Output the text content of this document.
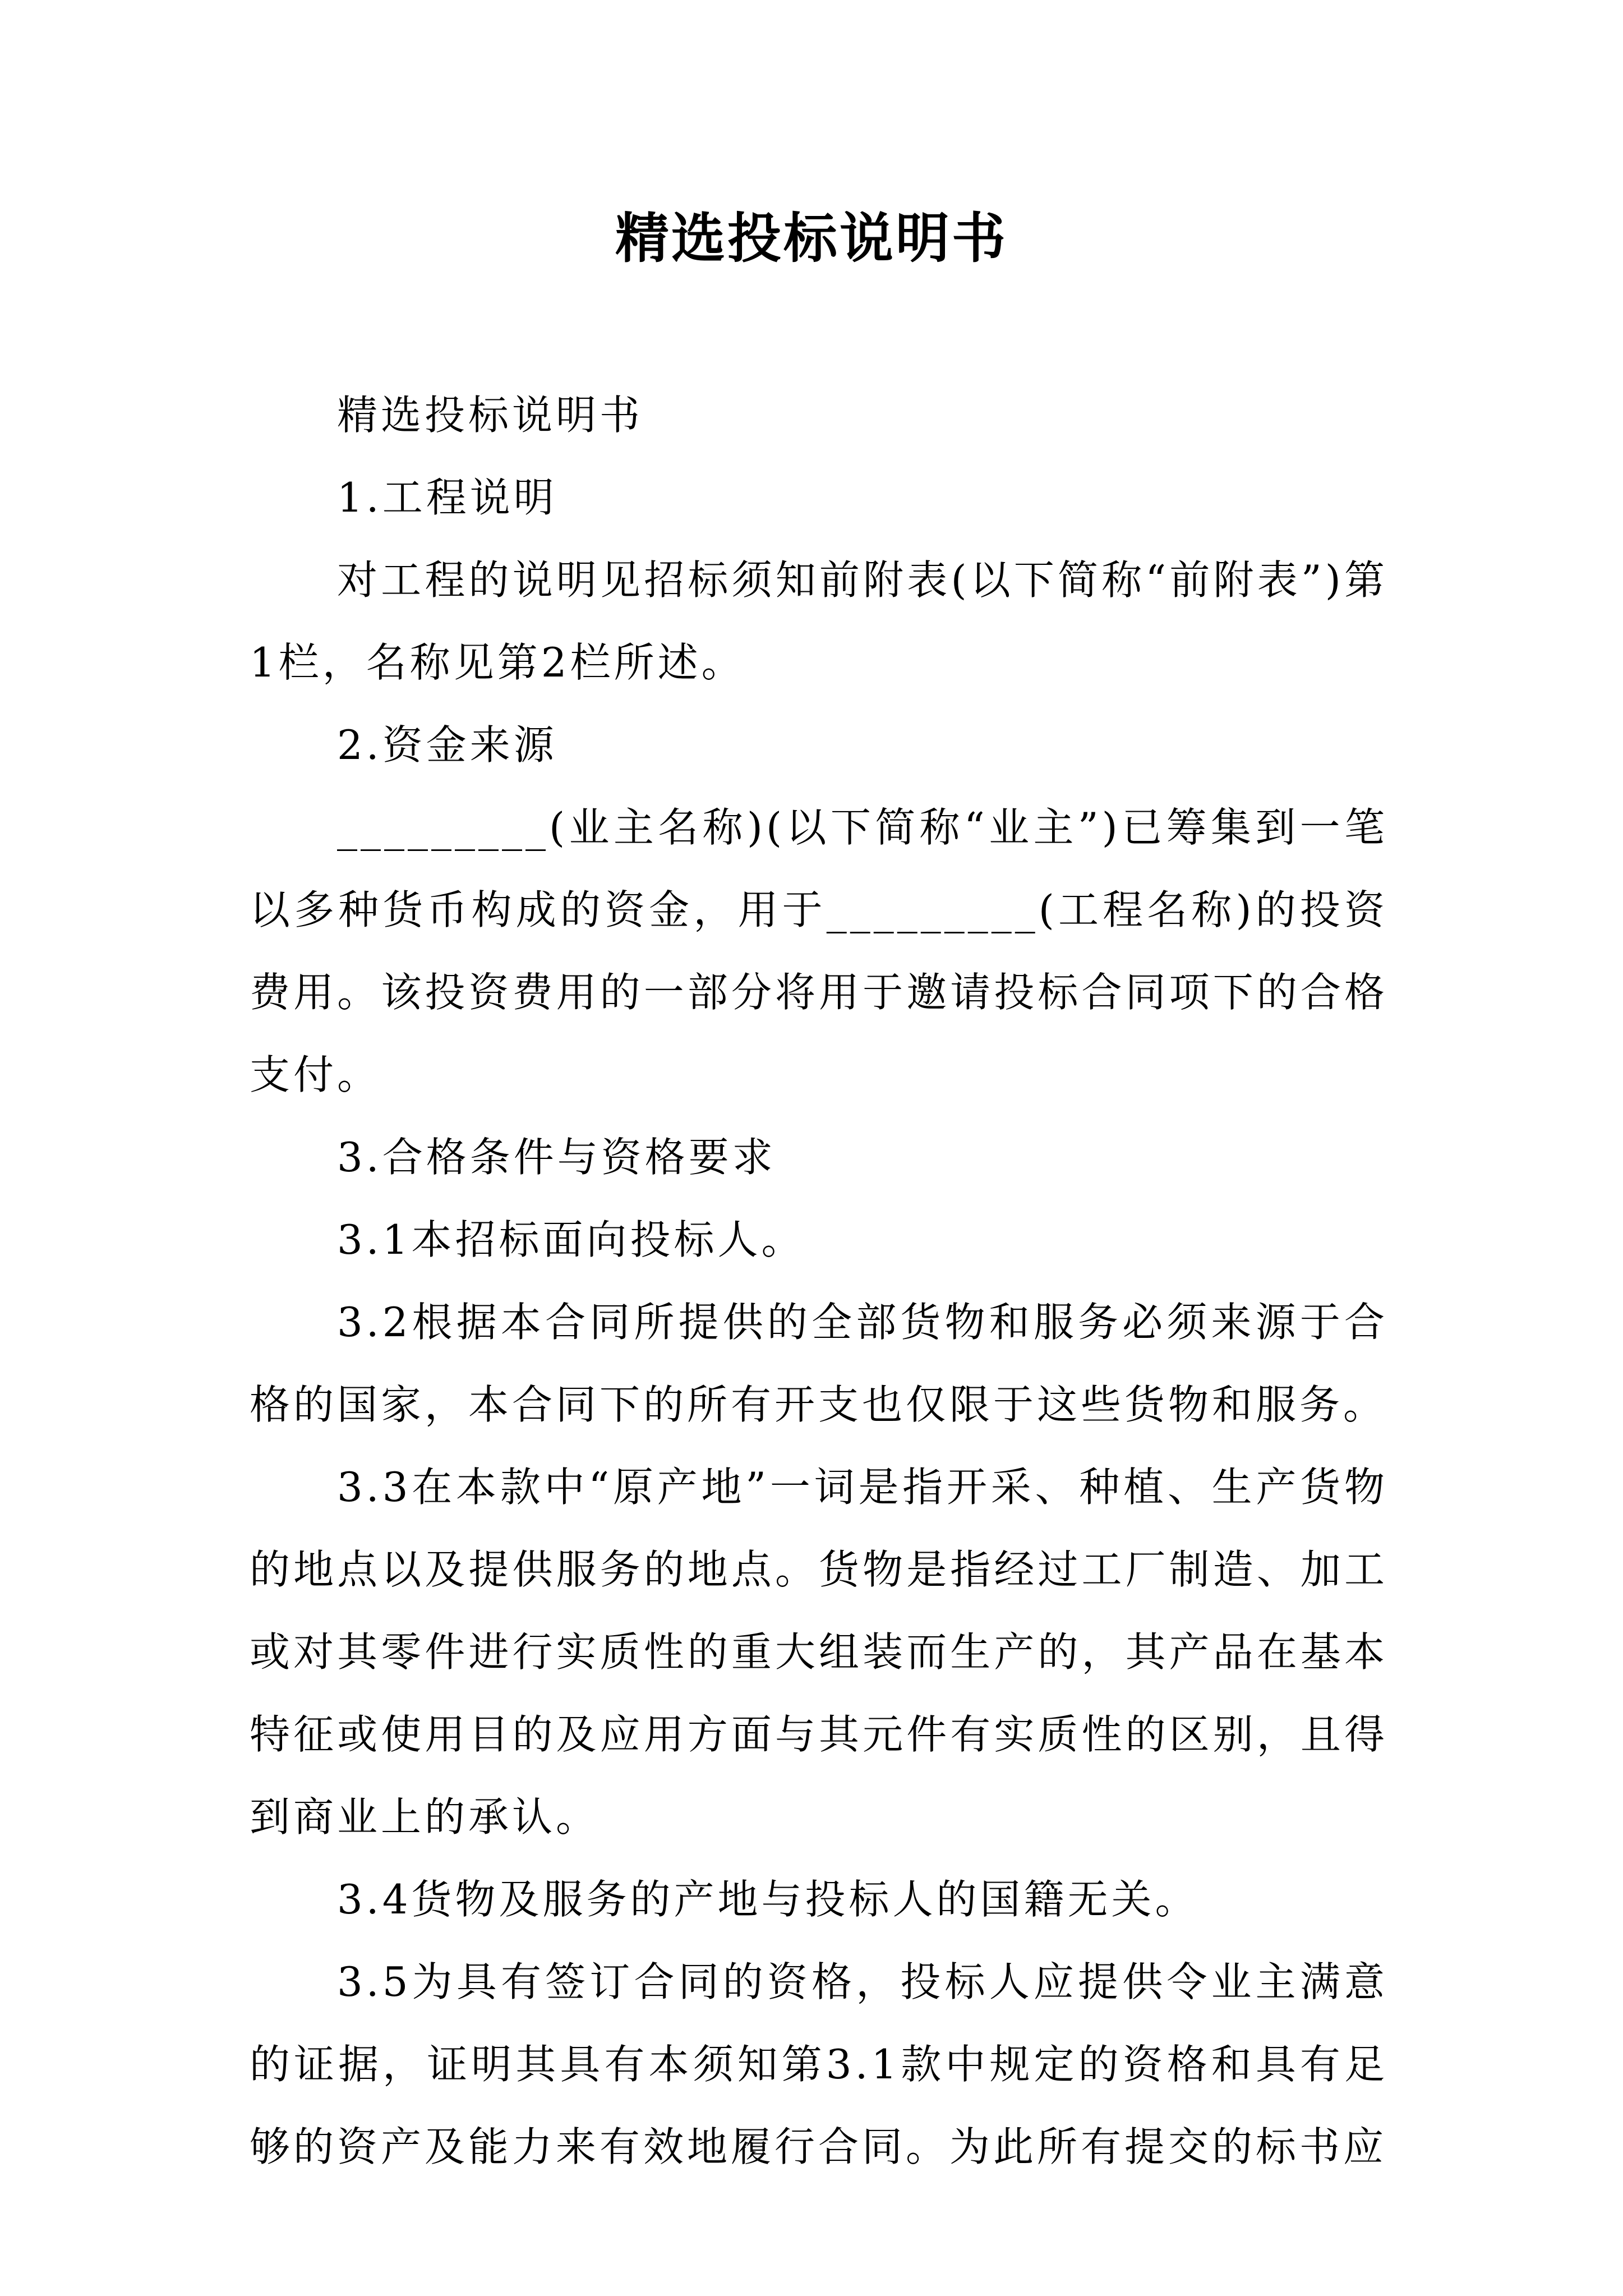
精选投标说明书

精选投标说明书

1.工程说明

对工程的说明见招标须知前附表(以下简称“前附表”)第1栏，名称见第2栏所述。

2.资金来源

_________(业主名称)(以下简称“业主”)已筹集到一笔以多种货币构成的资金，用于_________(工程名称)的投资费用。该投资费用的一部分将用于邀请投标合同项下的合格支付。

3.合格条件与资格要求

3.1本招标面向投标人。

3.2根据本合同所提供的全部货物和服务必须来源于合格的国家，本合同下的所有开支也仅限于这些货物和服务。

3.3在本款中“原产地”一词是指开采、种植、生产货物的地点以及提供服务的地点。货物是指经过工厂制造、加工或对其零件进行实质性的重大组装而生产的，其产品在基本特征或使用目的及应用方面与其元件有实质性的区别，且得到商业上的承认。

3.4货物及服务的产地与投标人的国籍无关。

3.5为具有签订合同的资格，投标人应提供令业主满意的证据，证明其具有本须知第3.1款中规定的资格和具有足够的资产及能力来有效地履行合同。为此所有提交的标书应
